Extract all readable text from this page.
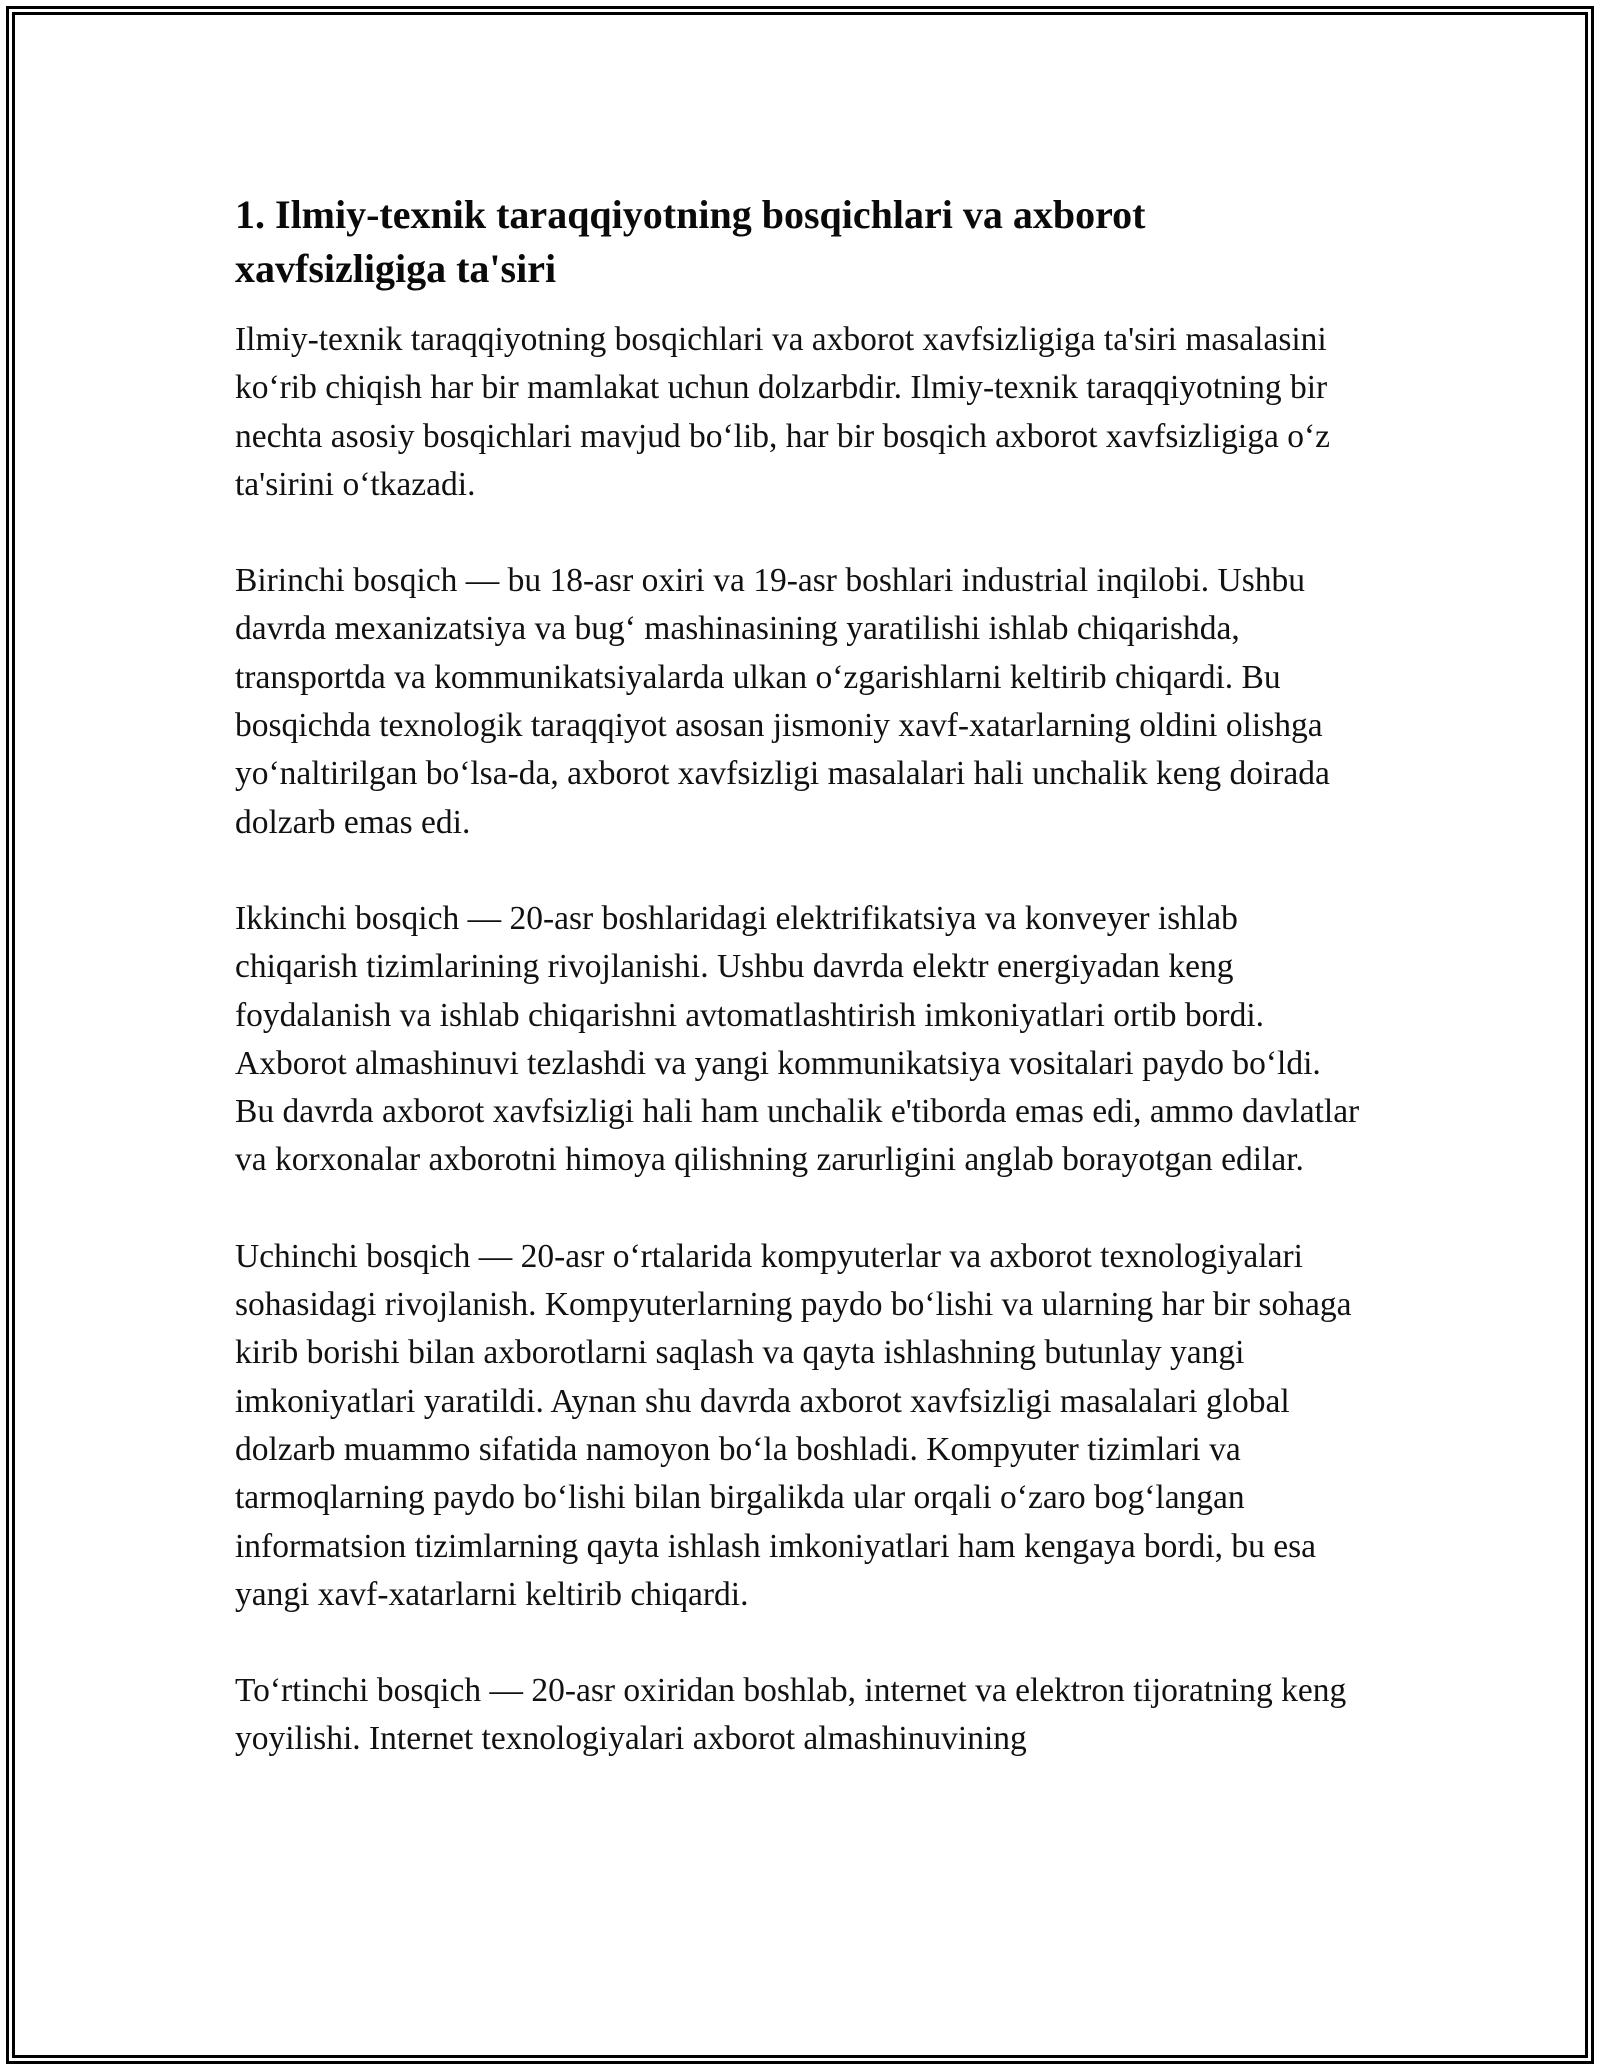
1. Ilmiy-texnik taraqqiyotning bosqichlari va axborot xavfsizligiga ta'siri

Ilmiy-texnik taraqqiyotning bosqichlari va axborot xavfsizligiga ta'siri masalasini ko‘rib chiqish har bir mamlakat uchun dolzarbdir. Ilmiy-texnik taraqqiyotning bir nechta asosiy bosqichlari mavjud bo‘lib, har bir bosqich axborot xavfsizligiga o‘z ta'sirini o‘tkazadi.

Birinchi bosqich — bu 18-asr oxiri va 19-asr boshlari industrial inqilobi. Ushbu davrda mexanizatsiya va bug‘ mashinasining yaratilishi ishlab chiqarishda, transportda va kommunikatsiyalarda ulkan o‘zgarishlarni keltirib chiqardi. Bu bosqichda texnologik taraqqiyot asosan jismoniy xavf-xatarlarning oldini olishga yo‘naltirilgan bo‘lsa-da, axborot xavfsizligi masalalari hali unchalik keng doirada dolzarb emas edi.

Ikkinchi bosqich — 20-asr boshlaridagi elektrifikatsiya va konveyer ishlab chiqarish tizimlarining rivojlanishi. Ushbu davrda elektr energiyadan keng foydalanish va ishlab chiqarishni avtomatlashtirish imkoniyatlari ortib bordi. Axborot almashinuvi tezlashdi va yangi kommunikatsiya vositalari paydo bo‘ldi. Bu davrda axborot xavfsizligi hali ham unchalik e'tiborda emas edi, ammo davlatlar va korxonalar axborotni himoya qilishning zarurligini anglab borayotgan edilar.

Uchinchi bosqich — 20-asr o‘rtalarida kompyuterlar va axborot texnologiyalari sohasidagi rivojlanish. Kompyuterlarning paydo bo‘lishi va ularning har bir sohaga kirib borishi bilan axborotlarni saqlash va qayta ishlashning butunlay yangi imkoniyatlari yaratildi. Aynan shu davrda axborot xavfsizligi masalalari global dolzarb muammo sifatida namoyon bo‘la boshladi. Kompyuter tizimlari va tarmoqlarning paydo bo‘lishi bilan birgalikda ular orqali o‘zaro bog‘langan informatsion tizimlarning qayta ishlash imkoniyatlari ham kengaya bordi, bu esa yangi xavf-xatarlarni keltirib chiqardi.

To‘rtinchi bosqich — 20-asr oxiridan boshlab, internet va elektron tijoratning keng yoyilishi. Internet texnologiyalari axborot almashinuvining
